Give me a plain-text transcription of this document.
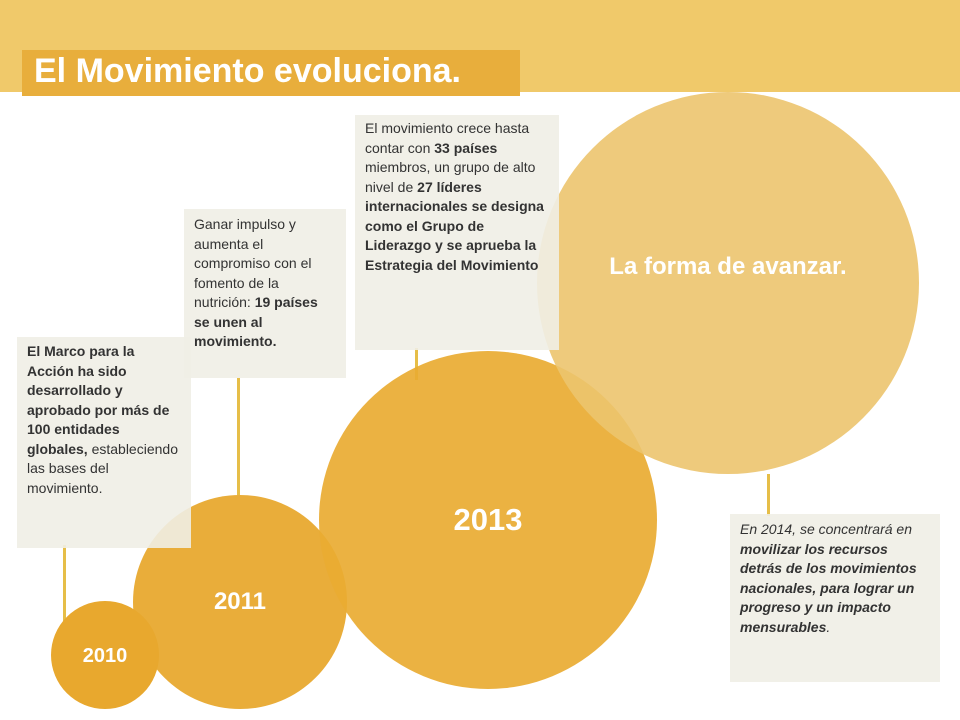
El Movimiento evoluciona.
2010
2011
2013
La forma de avanzar.
El Marco para la Acción ha sido desarrollado y aprobado por más de 100 entidades globales, estableciendo las bases del movimiento.
Ganar impulso y aumenta el compromiso con el fomento de la nutrición: 19 países se unen al movimiento.
El movimiento crece hasta contar con 33 países miembros, un grupo de alto nivel de 27 líderes internacionales se designa como el Grupo de Liderazgo y se aprueba la Estrategia del Movimiento
En 2014, se concentrará en movilizar los recursos detrás de los movimientos nacionales, para lograr un progreso y un impacto mensurables.
